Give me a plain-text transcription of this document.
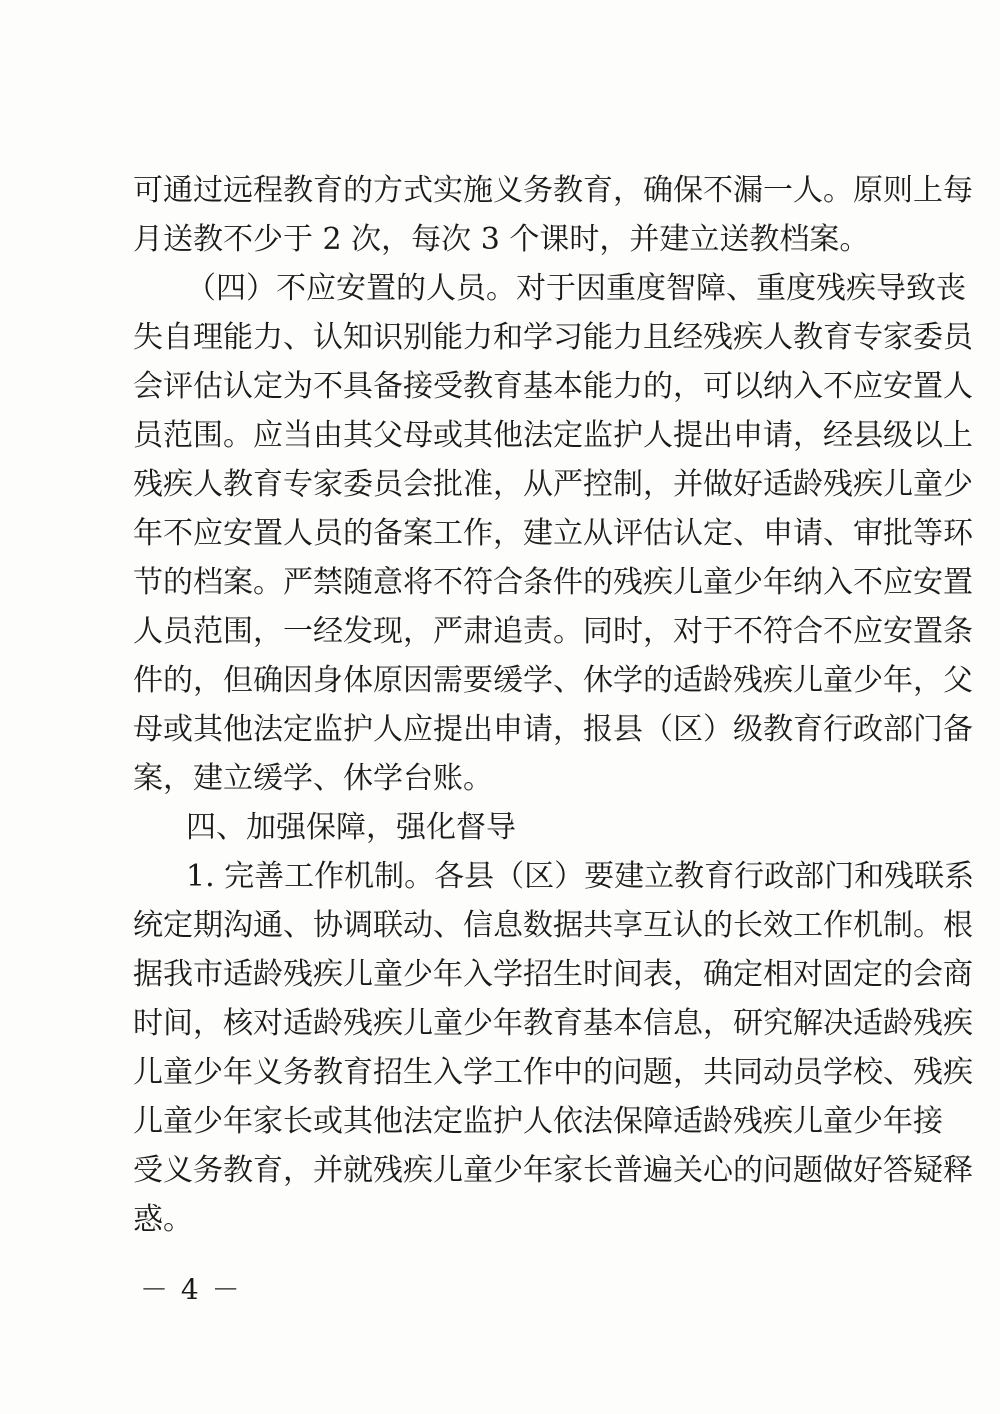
可通过远程教育的方式实施义务教育，确保不漏一人。原则上每
月送教不少于 2 次，每次 3 个课时，并建立送教档案。
（四）不应安置的人员。对于因重度智障、重度残疾导致丧
失自理能力、认知识别能力和学习能力且经残疾人教育专家委员
会评估认定为不具备接受教育基本能力的，可以纳入不应安置人
员范围。应当由其父母或其他法定监护人提出申请，经县级以上
残疾人教育专家委员会批准，从严控制，并做好适龄残疾儿童少
年不应安置人员的备案工作，建立从评估认定、申请、审批等环
节的档案。严禁随意将不符合条件的残疾儿童少年纳入不应安置
人员范围，一经发现，严肃追责。同时，对于不符合不应安置条
件的，但确因身体原因需要缓学、休学的适龄残疾儿童少年，父
母或其他法定监护人应提出申请，报县（区）级教育行政部门备
案，建立缓学、休学台账。
四、加强保障，强化督导
1. 完善工作机制。各县（区）要建立教育行政部门和残联系
统定期沟通、协调联动、信息数据共享互认的长效工作机制。根
据我市适龄残疾儿童少年入学招生时间表，确定相对固定的会商
时间，核对适龄残疾儿童少年教育基本信息，研究解决适龄残疾
儿童少年义务教育招生入学工作中的问题，共同动员学校、残疾
儿童少年家长或其他法定监护人依法保障适龄残疾儿童少年接
受义务教育，并就残疾儿童少年家长普遍关心的问题做好答疑释
惑。
－ 4 －
